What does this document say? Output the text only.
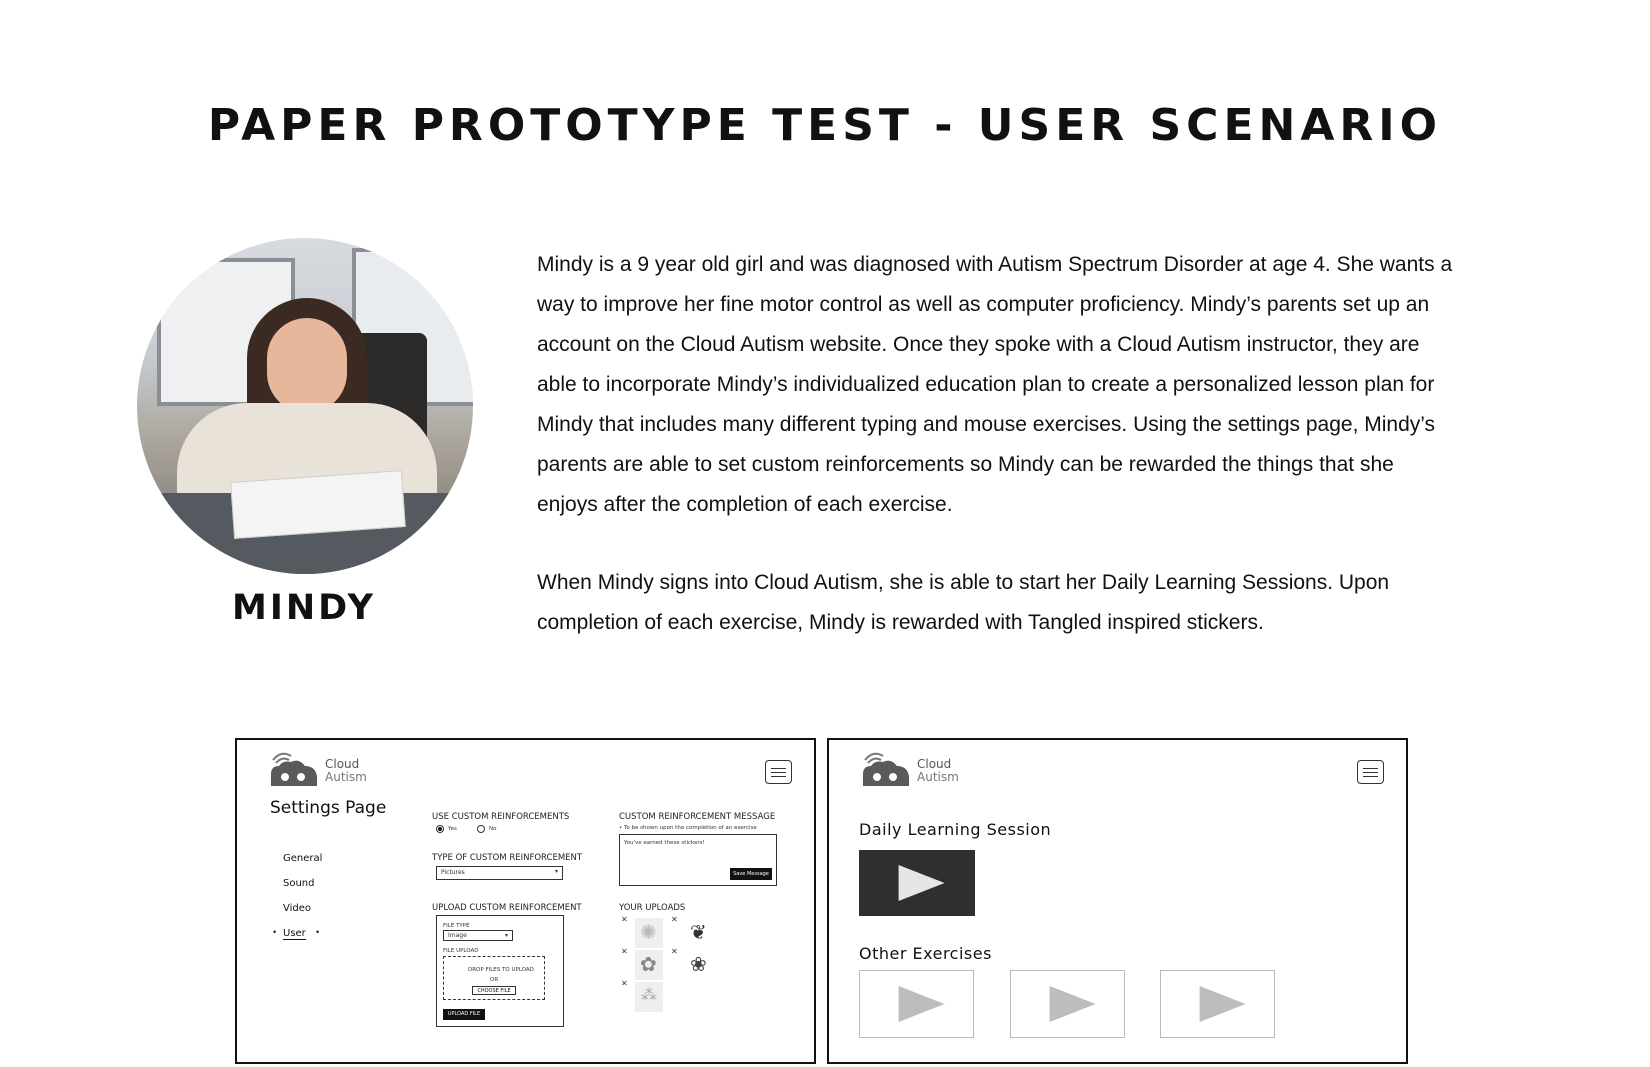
PAPER PROTOTYPE TEST - USER SCENARIO
MINDY
Mindy is a 9 year old girl and was diagnosed with Autism Spectrum Disorder at age 4. She wants a way to improve her fine motor control as well as computer proficiency. Mindy’s parents set up an account on the Cloud Autism website. Once they spoke with a Cloud Autism instructor, they are able to incorporate Mindy’s individualized education plan to create a personalized lesson plan for Mindy that includes many different typing and mouse exercises. Using the settings page, Mindy’s parents are able to set custom reinforcements so Mindy can be rewarded the things that she enjoys after the completion of each exercise.
When Mindy signs into Cloud Autism, she is able to start her Daily Learning Sessions. Upon completion of each exercise, Mindy is rewarded with Tangled inspired stickers.
Cloud
Autism
Settings Page
General
Sound
Video
• User •
USE CUSTOM REINFORCEMENTS
Yes	No
TYPE OF CUSTOM REINFORCEMENT
Pictures	▾
UPLOAD CUSTOM REINFORCEMENT
FILE TYPE
Image	▾
FILE UPLOAD
DROP FILES TO UPLOAD
OR
CHOOSE FILE
UPLOAD FILE
CUSTOM REINFORCEMENT MESSAGE
• To be shown upon the completion of an exercise
You've earned these stickers!
Save Message
YOUR UPLOADS
✕
✺
✕
❦
✕
✿
✕
❀
✕
⁂
Cloud
Autism
Daily Learning Session
Other Exercises
